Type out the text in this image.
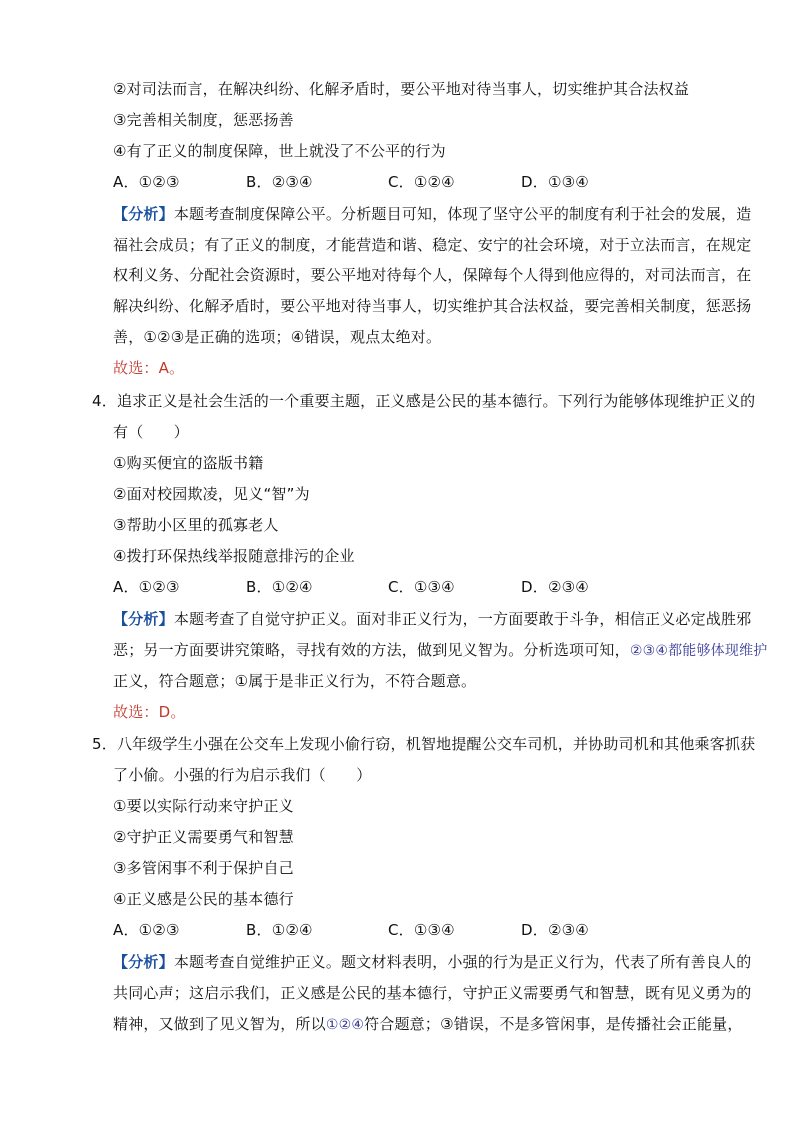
②对司法而言，在解决纠纷、化解矛盾时，要公平地对待当事人，切实维护其合法权益
③完善相关制度，惩恶扬善
④有了正义的制度保障，世上就没了不公平的行为
A．①②③	B．②③④	C．①②④	D．①③④
【分析】本题考查制度保障公平。分析题目可知，体现了坚守公平的制度有利于社会的发展，造
福社会成员；有了正义的制度，才能营造和谐、稳定、安宁的社会环境，对于立法而言，在规定
权利义务、分配社会资源时，要公平地对待每个人，保障每个人得到他应得的，对司法而言，在
解决纠纷、化解矛盾时，要公平地对待当事人，切实维护其合法权益，要完善相关制度，惩恶扬
善，①②③是正确的选项；④错误，观点太绝对。
故选：A。
4．追求正义是社会生活的一个重要主题，正义感是公民的基本德行。下列行为能够体现维护正义的
有（　　）
①购买便宜的盗版书籍
②面对校园欺凌，见义“智”为
③帮助小区里的孤寡老人
④拨打环保热线举报随意排污的企业
A．①②③	B．①②④	C．①③④	D．②③④
【分析】本题考查了自觉守护正义。面对非正义行为，一方面要敢于斗争，相信正义必定战胜邪
恶；另一方面要讲究策略，寻找有效的方法，做到见义智为。分析选项可知，②③④都能够体现维护
正义，符合题意；①属于是非正义行为，不符合题意。
故选：D。
5．八年级学生小强在公交车上发现小偷行窃，机智地提醒公交车司机，并协助司机和其他乘客抓获
了小偷。小强的行为启示我们（　　）
①要以实际行动来守护正义
②守护正义需要勇气和智慧
③多管闲事不利于保护自己
④正义感是公民的基本德行
A．①②③	B．①②④	C．①③④	D．②③④
【分析】本题考查自觉维护正义。题文材料表明，小强的行为是正义行为，代表了所有善良人的
共同心声；这启示我们，正义感是公民的基本德行，守护正义需要勇气和智慧，既有见义勇为的
精神，又做到了见义智为，所以①②④符合题意；③错误，不是多管闲事，是传播社会正能量，
